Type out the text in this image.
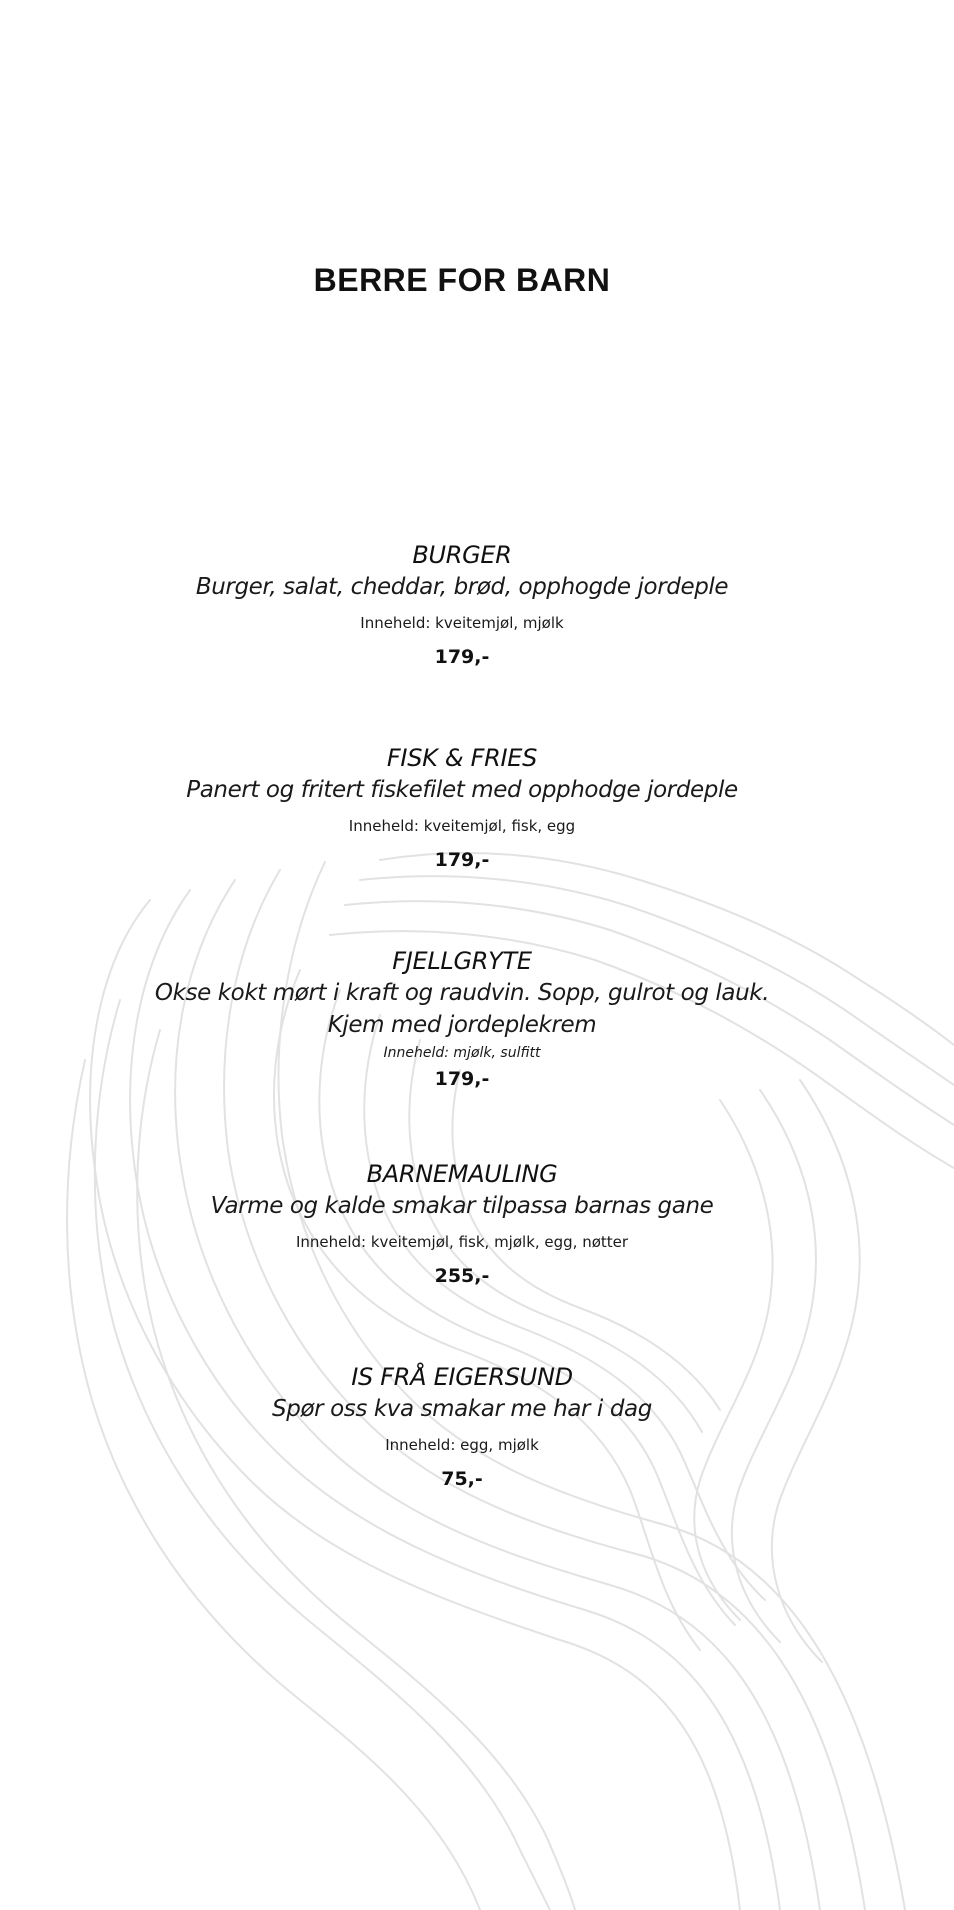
BERRE FOR BARN
BURGER
Burger, salat, cheddar, brød, opphogde jordeple
Inneheld: kveitemjøl, mjølk
179,-
FISK & FRIES
Panert og fritert fiskefilet med opphodge jordeple
Inneheld: kveitemjøl, fisk, egg
179,-
FJELLGRYTE
Okse kokt mørt i kraft og raudvin. Sopp, gulrot og lauk.
Kjem med jordeplekrem
Inneheld: mjølk, sulfitt
179,-
BARNEMAULING
Varme og kalde smakar tilpassa barnas gane
Inneheld: kveitemjøl, fisk, mjølk, egg, nøtter
255,-
IS FRÅ EIGERSUND
Spør oss kva smakar me har i dag
Inneheld: egg, mjølk
75,-
